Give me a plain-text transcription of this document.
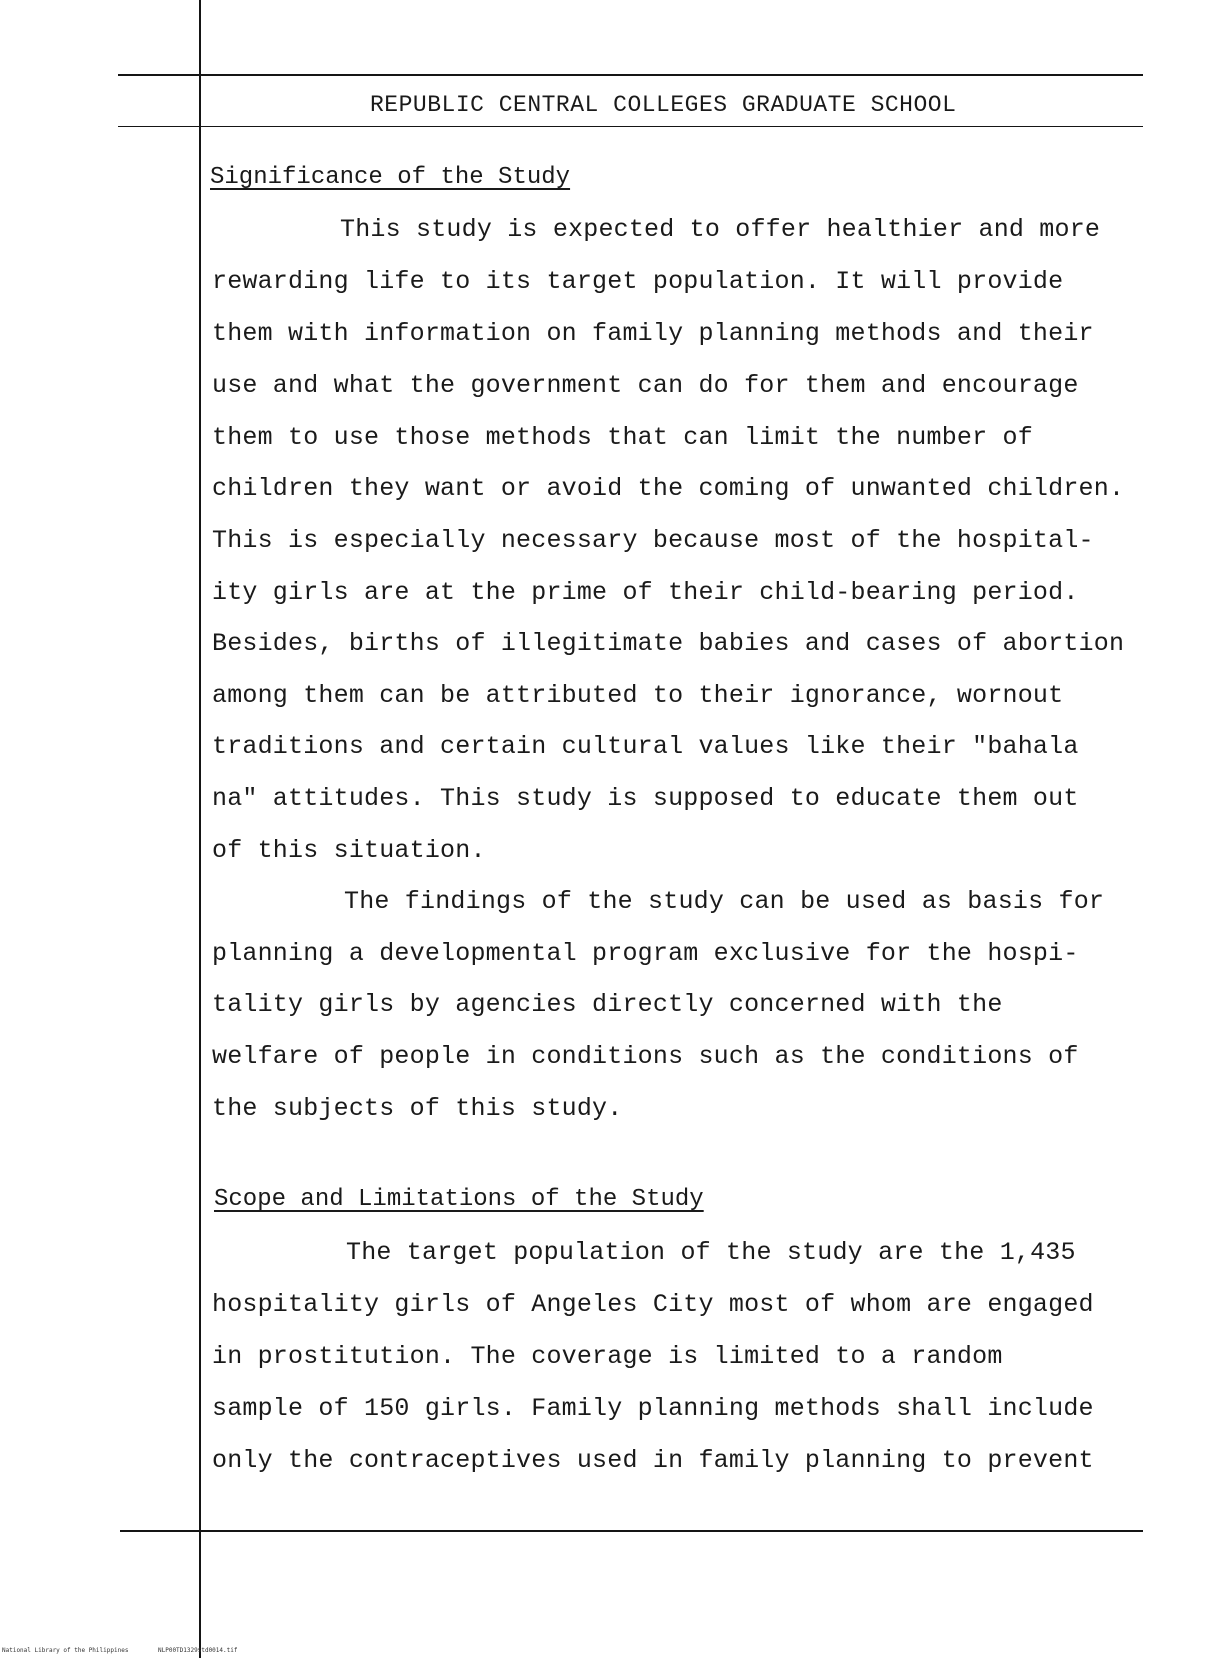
REPUBLIC CENTRAL COLLEGES GRADUATE SCHOOL
Significance of the Study
This study is expected to offer healthier and more
rewarding life to its target population. It will provide
them with information on family planning methods and their
use and what the government can do for them and encourage
them to use those methods that can limit the number of
children they want or avoid the coming of unwanted children.
This is especially necessary because most of the hospital-
ity girls are at the prime of their child-bearing period.
Besides, births of illegitimate babies and cases of abortion
among them can be attributed to their ignorance, wornout
traditions and certain cultural values like their "bahala
na" attitudes. This study is supposed to educate them out
of this situation.
The findings of the study can be used as basis for
planning a developmental program exclusive for the hospi-
tality girls by agencies directly concerned with the
welfare of people in conditions such as the conditions of
the subjects of this study.
Scope and Limitations of the Study
The target population of the study are the 1,435
hospitality girls of Angeles City most of whom are engaged
in prostitution. The coverage is limited to a random
sample of 150 girls. Family planning methods shall include
only the contraceptives used in family planning to prevent
National Library of the Philippines	NLP00TD1329$td0014.tif
